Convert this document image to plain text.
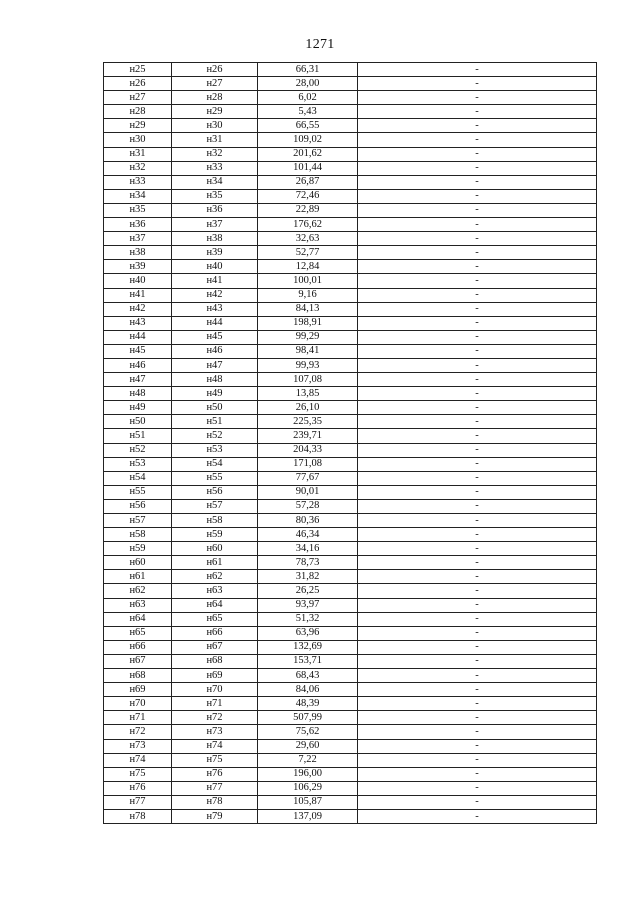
1271
н25	н26	66,31	-
н26	н27	28,00	-
н27	н28	6,02	-
н28	н29	5,43	-
н29	н30	66,55	-
н30	н31	109,02	-
н31	н32	201,62	-
н32	н33	101,44	-
н33	н34	26,87	-
н34	н35	72,46	-
н35	н36	22,89	-
н36	н37	176,62	-
н37	н38	32,63	-
н38	н39	52,77	-
н39	н40	12,84	-
н40	н41	100,01	-
н41	н42	9,16	-
н42	н43	84,13	-
н43	н44	198,91	-
н44	н45	99,29	-
н45	н46	98,41	-
н46	н47	99,93	-
н47	н48	107,08	-
н48	н49	13,85	-
н49	н50	26,10	-
н50	н51	225,35	-
н51	н52	239,71	-
н52	н53	204,33	-
н53	н54	171,08	-
н54	н55	77,67	-
н55	н56	90,01	-
н56	н57	57,28	-
н57	н58	80,36	-
н58	н59	46,34	-
н59	н60	34,16	-
н60	н61	78,73	-
н61	н62	31,82	-
н62	н63	26,25	-
н63	н64	93,97	-
н64	н65	51,32	-
н65	н66	63,96	-
н66	н67	132,69	-
н67	н68	153,71	-
н68	н69	68,43	-
н69	н70	84,06	-
н70	н71	48,39	-
н71	н72	507,99	-
н72	н73	75,62	-
н73	н74	29,60	-
н74	н75	7,22	-
н75	н76	196,00	-
н76	н77	106,29	-
н77	н78	105,87	-
н78	н79	137,09	-
